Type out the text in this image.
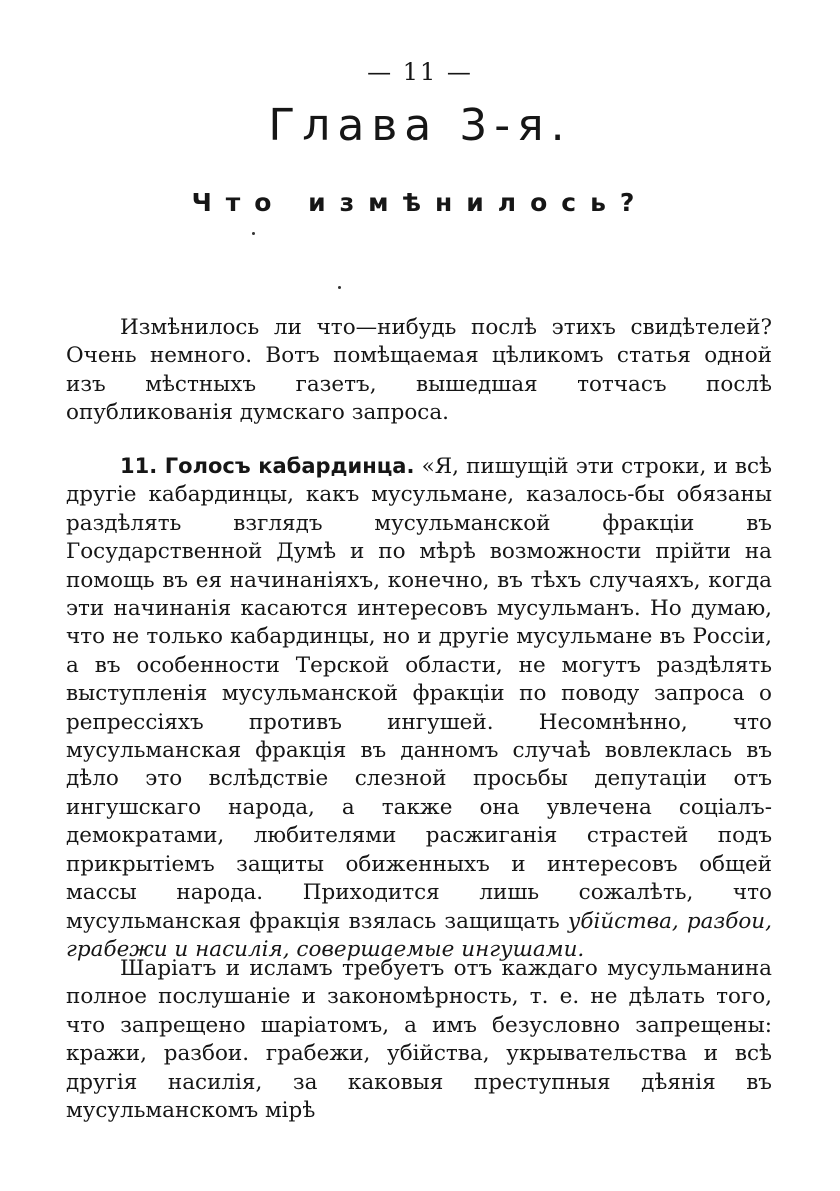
— 11 —
Глава 3-я.
Что измѣнилось?

Измѣнилось ли что—нибудь послѣ этихъ свидѣтелей? Очень немного. Вотъ помѣщаемая цѣликомъ статья одной изъ мѣстныхъ газетъ, вышедшая тотчасъ послѣ опубликованія думскаго запроса.

11. Голосъ кабардинца. «Я, пишущій эти строки, и всѣ другіе кабардинцы, какъ мусульмане, казалось-бы обязаны раздѣлять взглядъ мусульманской фракціи въ Государственной Думѣ и по мѣрѣ возможности прійти на помощь въ ея начинаніяхъ, конечно, въ тѣхъ случаяхъ, когда эти начинанія касаются интересовъ мусульманъ. Но думаю, что не только кабардинцы, но и другіе мусульмане въ Россіи, а въ особенности Терской области, не могутъ раздѣлять выступленія мусульманской фракціи по поводу запроса о репрессіяхъ противъ ингушей. Несомнѣнно, что мусульманская фракція въ данномъ случаѣ вовлеклась въ дѣло это вслѣдствіе слезной просьбы депутаціи отъ ингушскаго народа, а также она увлечена соціалъ-демократами, любителями расжиганія страстей подъ прикрытіемъ защиты обиженныхъ и интересовъ общей массы народа. Приходится лишь сожалѣть, что мусульманская фракція взялась защищать убійства, разбои, грабежи и насилія, совершаемые ингушами.

Шаріатъ и исламъ требуетъ отъ каждаго мусульманина полное послушаніе и закономѣрность, т. е. не дѣлать того, что запрещено шаріатомъ, а имъ безусловно запрещены: кражи, разбои. грабежи, убійства, укрывательства и всѣ другія насилія, за каковыя преступныя дѣянія въ мусульманскомъ мірѣ
